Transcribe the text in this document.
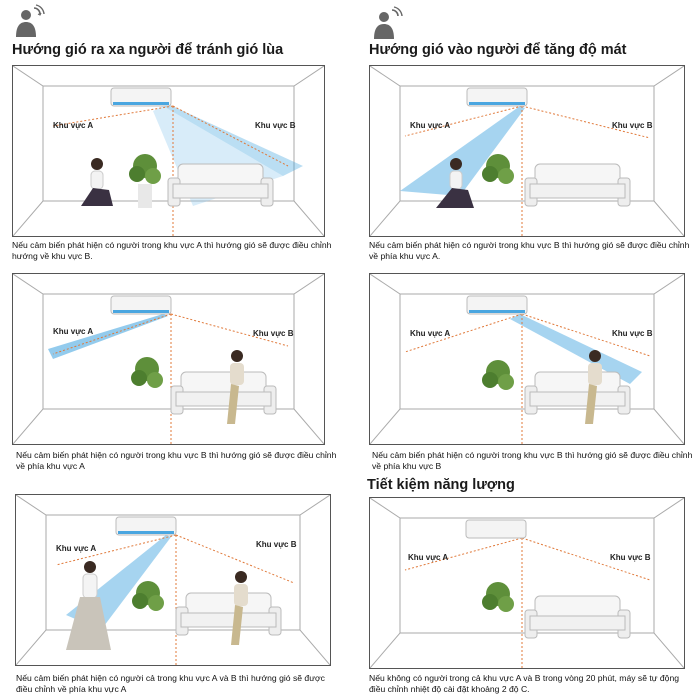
Hướng gió ra xa người để tránh gió lùa	Hướng gió vào người để tăng độ mát
Tiết kiệm năng lượng
Khu vực A	Khu vực B
Nếu cảm biến phát hiện có người trong khu vực A thì hướng gió sẽ được điều chỉnh hướng về khu vực B.
Khu vực A	Khu vực B
Nếu cảm biến phát hiện có người trong khu vực B thì hướng gió sẽ được điều chỉnh về phía khu vực A.
Khu vực A	Khu vực B
Nếu cảm biến phát hiện có người trong khu vực B thì hướng gió sẽ được điều chỉnh về phía khu vực A
Khu vực A	Khu vực B
Nếu cảm biến phát hiện có người trong khu vực B thì hướng gió sẽ được điều chỉnh về phía khu vực B
Khu vực A	Khu vực B
Nếu cảm biến phát hiện có người cả trong khu vực A và B thì hướng gió sẽ được điều chỉnh về phía khu vực A
Khu vực A	Khu vực B
Nếu không có người trong cả khu vực A và B trong vòng 20 phút, máy sẽ tự động điều chỉnh nhiệt độ cài đặt khoảng 2 độ C.
